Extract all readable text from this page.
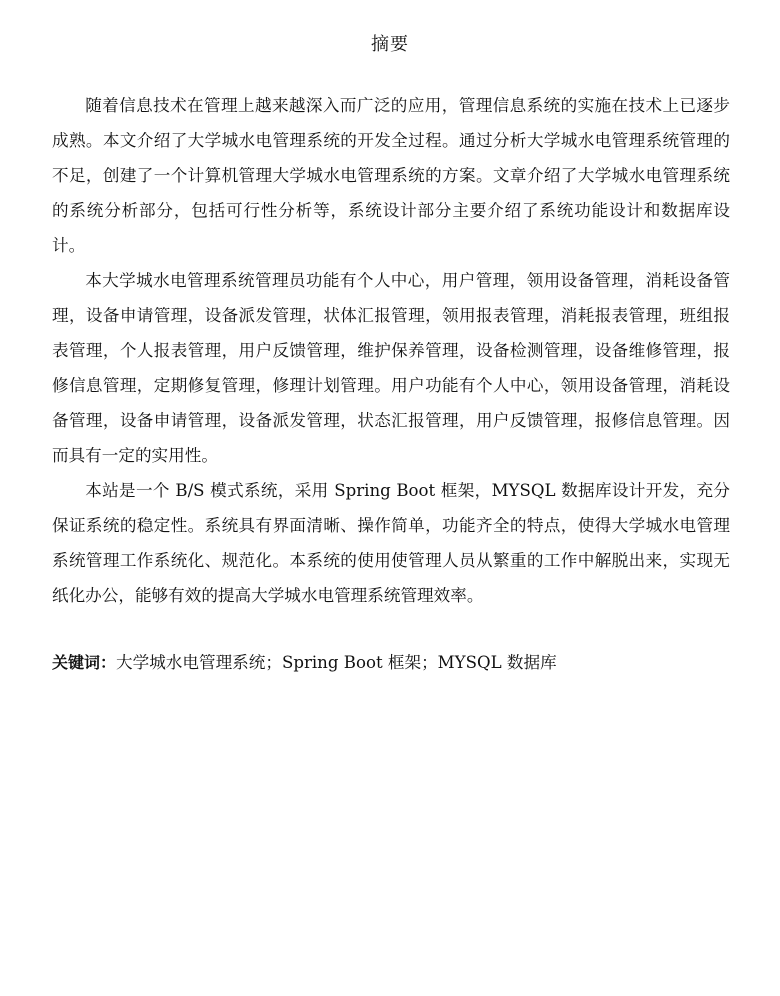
摘要

随着信息技术在管理上越来越深入而广泛的应用，管理信息系统的实施在技术上已逐步成熟。本文介绍了大学城水电管理系统的开发全过程。通过分析大学城水电管理系统管理的不足，创建了一个计算机管理大学城水电管理系统的方案。文章介绍了大学城水电管理系统的系统分析部分，包括可行性分析等，系统设计部分主要介绍了系统功能设计和数据库设计。

本大学城水电管理系统管理员功能有个人中心，用户管理，领用设备管理，消耗设备管理，设备申请管理，设备派发管理，状体汇报管理，领用报表管理，消耗报表管理，班组报表管理，个人报表管理，用户反馈管理，维护保养管理，设备检测管理，设备维修管理，报修信息管理，定期修复管理，修理计划管理。用户功能有个人中心，领用设备管理，消耗设备管理，设备申请管理，设备派发管理，状态汇报管理，用户反馈管理，报修信息管理。因而具有一定的实用性。

本站是一个 B/S 模式系统，采用 Spring Boot 框架，MYSQL 数据库设计开发，充分保证系统的稳定性。系统具有界面清晰、操作简单，功能齐全的特点，使得大学城水电管理系统管理工作系统化、规范化。本系统的使用使管理人员从繁重的工作中解脱出来，实现无纸化办公，能够有效的提高大学城水电管理系统管理效率。

关键词：大学城水电管理系统；Spring Boot 框架；MYSQL 数据库
